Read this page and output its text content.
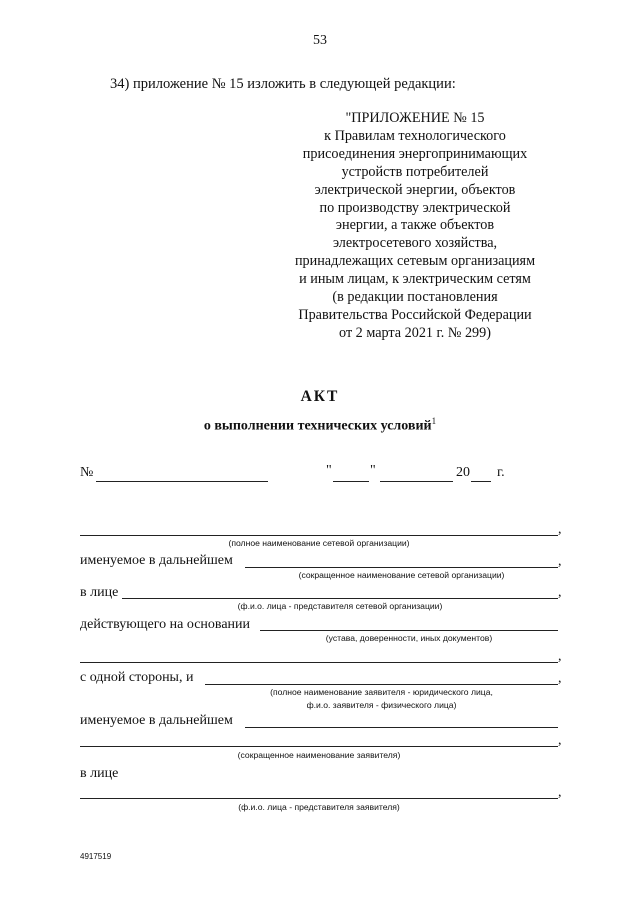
53
34) приложение № 15 изложить в следующей редакции:
"ПРИЛОЖЕНИЕ № 15
к Правилам технологического
присоединения энергопринимающих
устройств потребителей
электрической энергии, объектов
по производству электрической
энергии, а также объектов
электросетевого хозяйства,
принадлежащих сетевым организациям
и иным лицам, к электрическим сетям
(в редакции постановления
Правительства Российской Федерации
от 2 марта 2021 г. № 299)
АКТ
о выполнении технических условий$^1$
№	"	"	20 г.
,
(полное наименование сетевой организации)
именуемое в дальнейшем	,
(сокращенное наименование сетевой организации)
в лице	,
(ф.и.о. лица - представителя сетевой организации)
действующего на основании
(устава, доверенности, иных документов)
,
с одной стороны, и	,
(полное наименование заявителя - юридического лица,
ф.и.о. заявителя - физического лица)
именуемое в дальнейшем
,
(сокращенное наименование заявителя)
в лице
,
(ф.и.о. лица - представителя заявителя)
4917519
